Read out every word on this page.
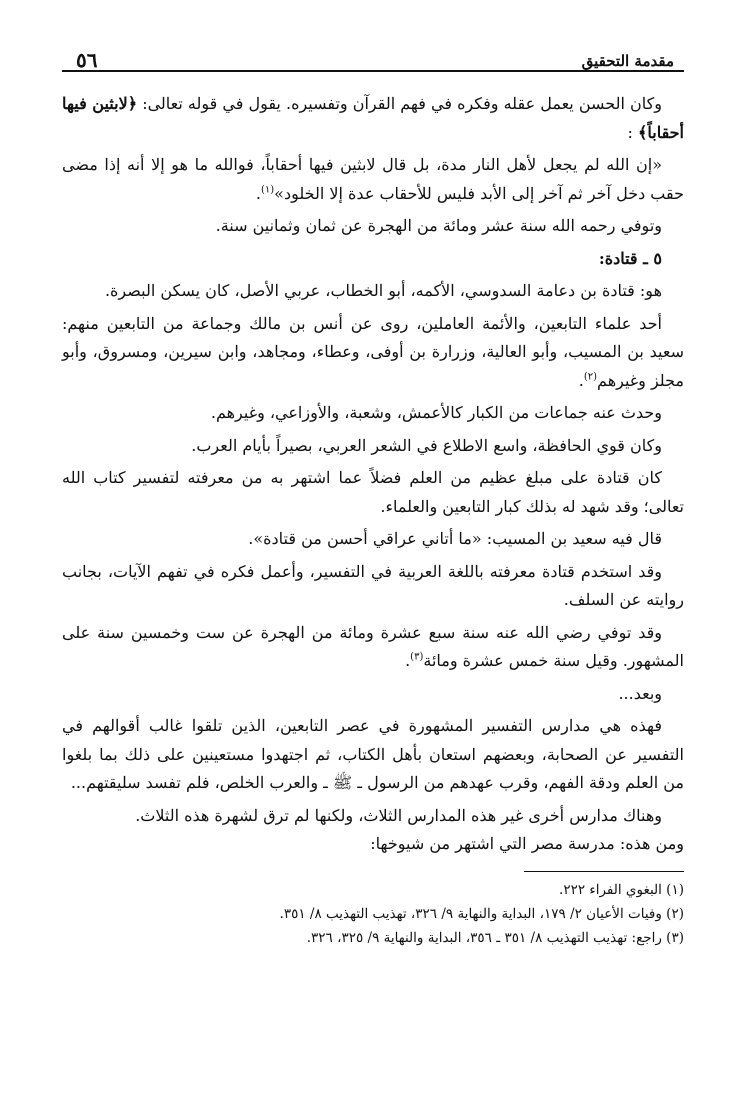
مقدمة التحقيق
٥٦

وكان الحسن يعمل عقله وفكره في فهم القرآن وتفسيره. يقول في قوله تعالى: ﴿لابثين فيها أحقاباً﴾ :

«إن الله لم يجعل لأهل النار مدة، بل قال لابثين فيها أحقاباً، فوالله ما هو إلا أنه إذا مضى حقب دخل آخر ثم آخر إلى الأبد فليس للأحقاب عدة إلا الخلود»$^{(١)}$.

وتوفي رحمه الله سنة عشر ومائة من الهجرة عن ثمان وثمانين سنة.

٥ ـ قتادة:

هو: قتادة بن دعامة السدوسي، الأكمه، أبو الخطاب، عربي الأصل، كان يسكن البصرة.

أحد علماء التابعين، والأئمة العاملين، روى عن أنس بن مالك وجماعة من التابعين منهم: سعيد بن المسيب، وأبو العالية، وزرارة بن أوفى، وعطاء، ومجاهد، وابن سيرين، ومسروق، وأبو مجلز وغيرهم$^{(٢)}$.

وحدث عنه جماعات من الكبار كالأعمش، وشعبة، والأوزاعي، وغيرهم.

وكان قوي الحافظة، واسع الاطلاع في الشعر العربي، بصيراً بأيام العرب.

كان قتادة على مبلغ عظيم من العلم فضلاً عما اشتهر به من معرفته لتفسير كتاب الله تعالى؛ وقد شهد له بذلك كبار التابعين والعلماء.

قال فيه سعيد بن المسيب: «ما أتاني عراقي أحسن من قتادة».

وقد استخدم قتادة معرفته باللغة العربية في التفسير، وأعمل فكره في تفهم الآيات، بجانب روايته عن السلف.

وقد توفي رضي الله عنه سنة سبع عشرة ومائة من الهجرة عن ست وخمسين سنة على المشهور. وقيل سنة خمس عشرة ومائة$^{(٣)}$.

وبعد...

فهذه هي مدارس التفسير المشهورة في عصر التابعين، الذين تلقوا غالب أقوالهم في التفسير عن الصحابة، وبعضهم استعان بأهل الكتاب، ثم اجتهدوا مستعينين على ذلك بما بلغوا من العلم ودقة الفهم، وقرب عهدهم من الرسول ـ ﷺ ـ والعرب الخلص، فلم تفسد سليقتهم...

وهناك مدارس أخرى غير هذه المدارس الثلاث، ولكنها لم ترق لشهرة هذه الثلاث.

ومن هذه: مدرسة مصر التي اشتهر من شيوخها:

(١) البغوي الفراء ٢٢٢.
(٢) وفيات الأعيان ٢/ ١٧٩، البداية والنهاية ٩/ ٣٢٦، تهذيب التهذيب ٨/ ٣٥١.
(٣) راجع: تهذيب التهذيب ٨/ ٣٥١ ـ ٣٥٦، البداية والنهاية ٩/ ٣٢٥، ٣٢٦.
